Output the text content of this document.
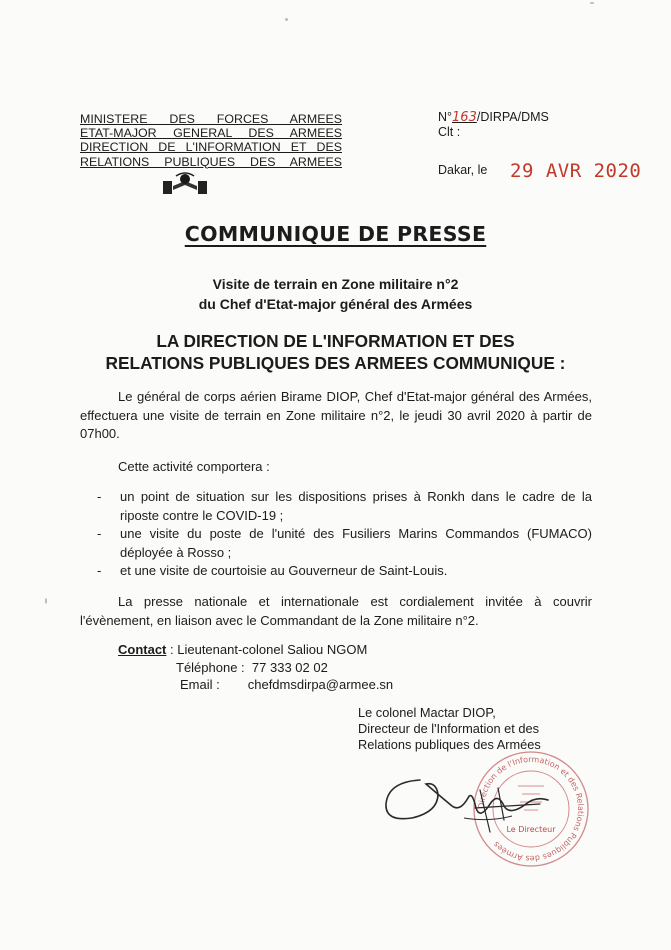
MINISTERE DES FORCES ARMEES
ETAT-MAJOR GENERAL DES ARMEES
DIRECTION DE L'INFORMATION ET DES
RELATIONS PUBLIQUES DES ARMEES
N°163/DIRPA/DMS
Clt :
Dakar, le 29 AVR 2020
COMMUNIQUE DE PRESSE
Visite de terrain en Zone militaire n°2
du Chef d'Etat-major général des Armées
LA DIRECTION DE L'INFORMATION ET DES
RELATIONS PUBLIQUES DES ARMEES COMMUNIQUE :
Le général de corps aérien Birame DIOP, Chef d'Etat-major général des Armées, effectuera une visite de terrain en Zone militaire n°2, le jeudi 30 avril 2020 à partir de 07h00.
Cette activité comportera :
- un point de situation sur les dispositions prises à Ronkh dans le cadre de la riposte contre le COVID-19 ;
- une visite du poste de l'unité des Fusiliers Marins Commandos (FUMACO) déployée à Rosso ;
- et une visite de courtoisie au Gouverneur de Saint-Louis.
La presse nationale et internationale est cordialement invitée à couvrir l'évènement, en liaison avec le Commandant de la Zone militaire n°2.
Contact : Lieutenant-colonel Saliou NGOM
Téléphone : 77 333 02 02
Email : chefdmsdirpa@armee.sn
Le colonel Mactar DIOP,
Directeur de l'Information et des
Relations publiques des Armées
Direction de l'Information et des Relations Publiques des Armées
Le Directeur
